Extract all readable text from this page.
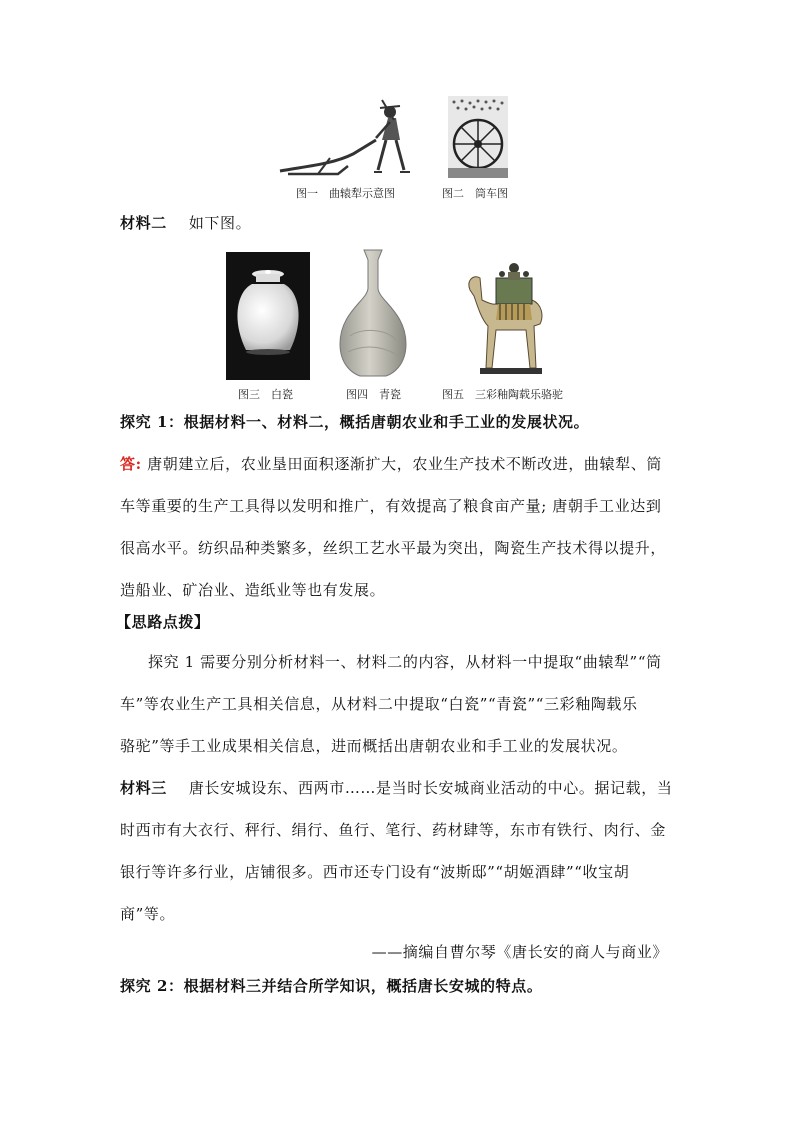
图一　曲辕犁示意图	图二　筒车图
材料二 如下图。
图三　白瓷	图四　青瓷	图五　三彩釉陶载乐骆驼
探究 1：根据材料一、材料二，概括唐朝农业和手工业的发展状况。
答: 唐朝建立后，农业垦田面积逐渐扩大，农业生产技术不断改进，曲辕犁、筒
车等重要的生产工具得以发明和推广，有效提高了粮食亩产量; 唐朝手工业达到
很高水平。纺织品种类繁多，丝织工艺水平最为突出，陶瓷生产技术得以提升，
造船业、矿冶业、造纸业等也有发展。
【思路点拨】
探究 1 需要分别分析材料一、材料二的内容，从材料一中提取“曲辕犁”“筒
车”等农业生产工具相关信息，从材料二中提取“白瓷”“青瓷”“三彩釉陶载乐
骆驼”等手工业成果相关信息，进而概括出唐朝农业和手工业的发展状况。
材料三 唐长安城设东、西两市……是当时长安城商业活动的中心。据记载，当
时西市有大衣行、秤行、绢行、鱼行、笔行、药材肆等，东市有铁行、肉行、金
银行等许多行业，店铺很多。西市还专门设有“波斯邸”“胡姬酒肆”“收宝胡
商”等。
——摘编自曹尔琴《唐长安的商人与商业》
探究 2：根据材料三并结合所学知识，概括唐长安城的特点。
